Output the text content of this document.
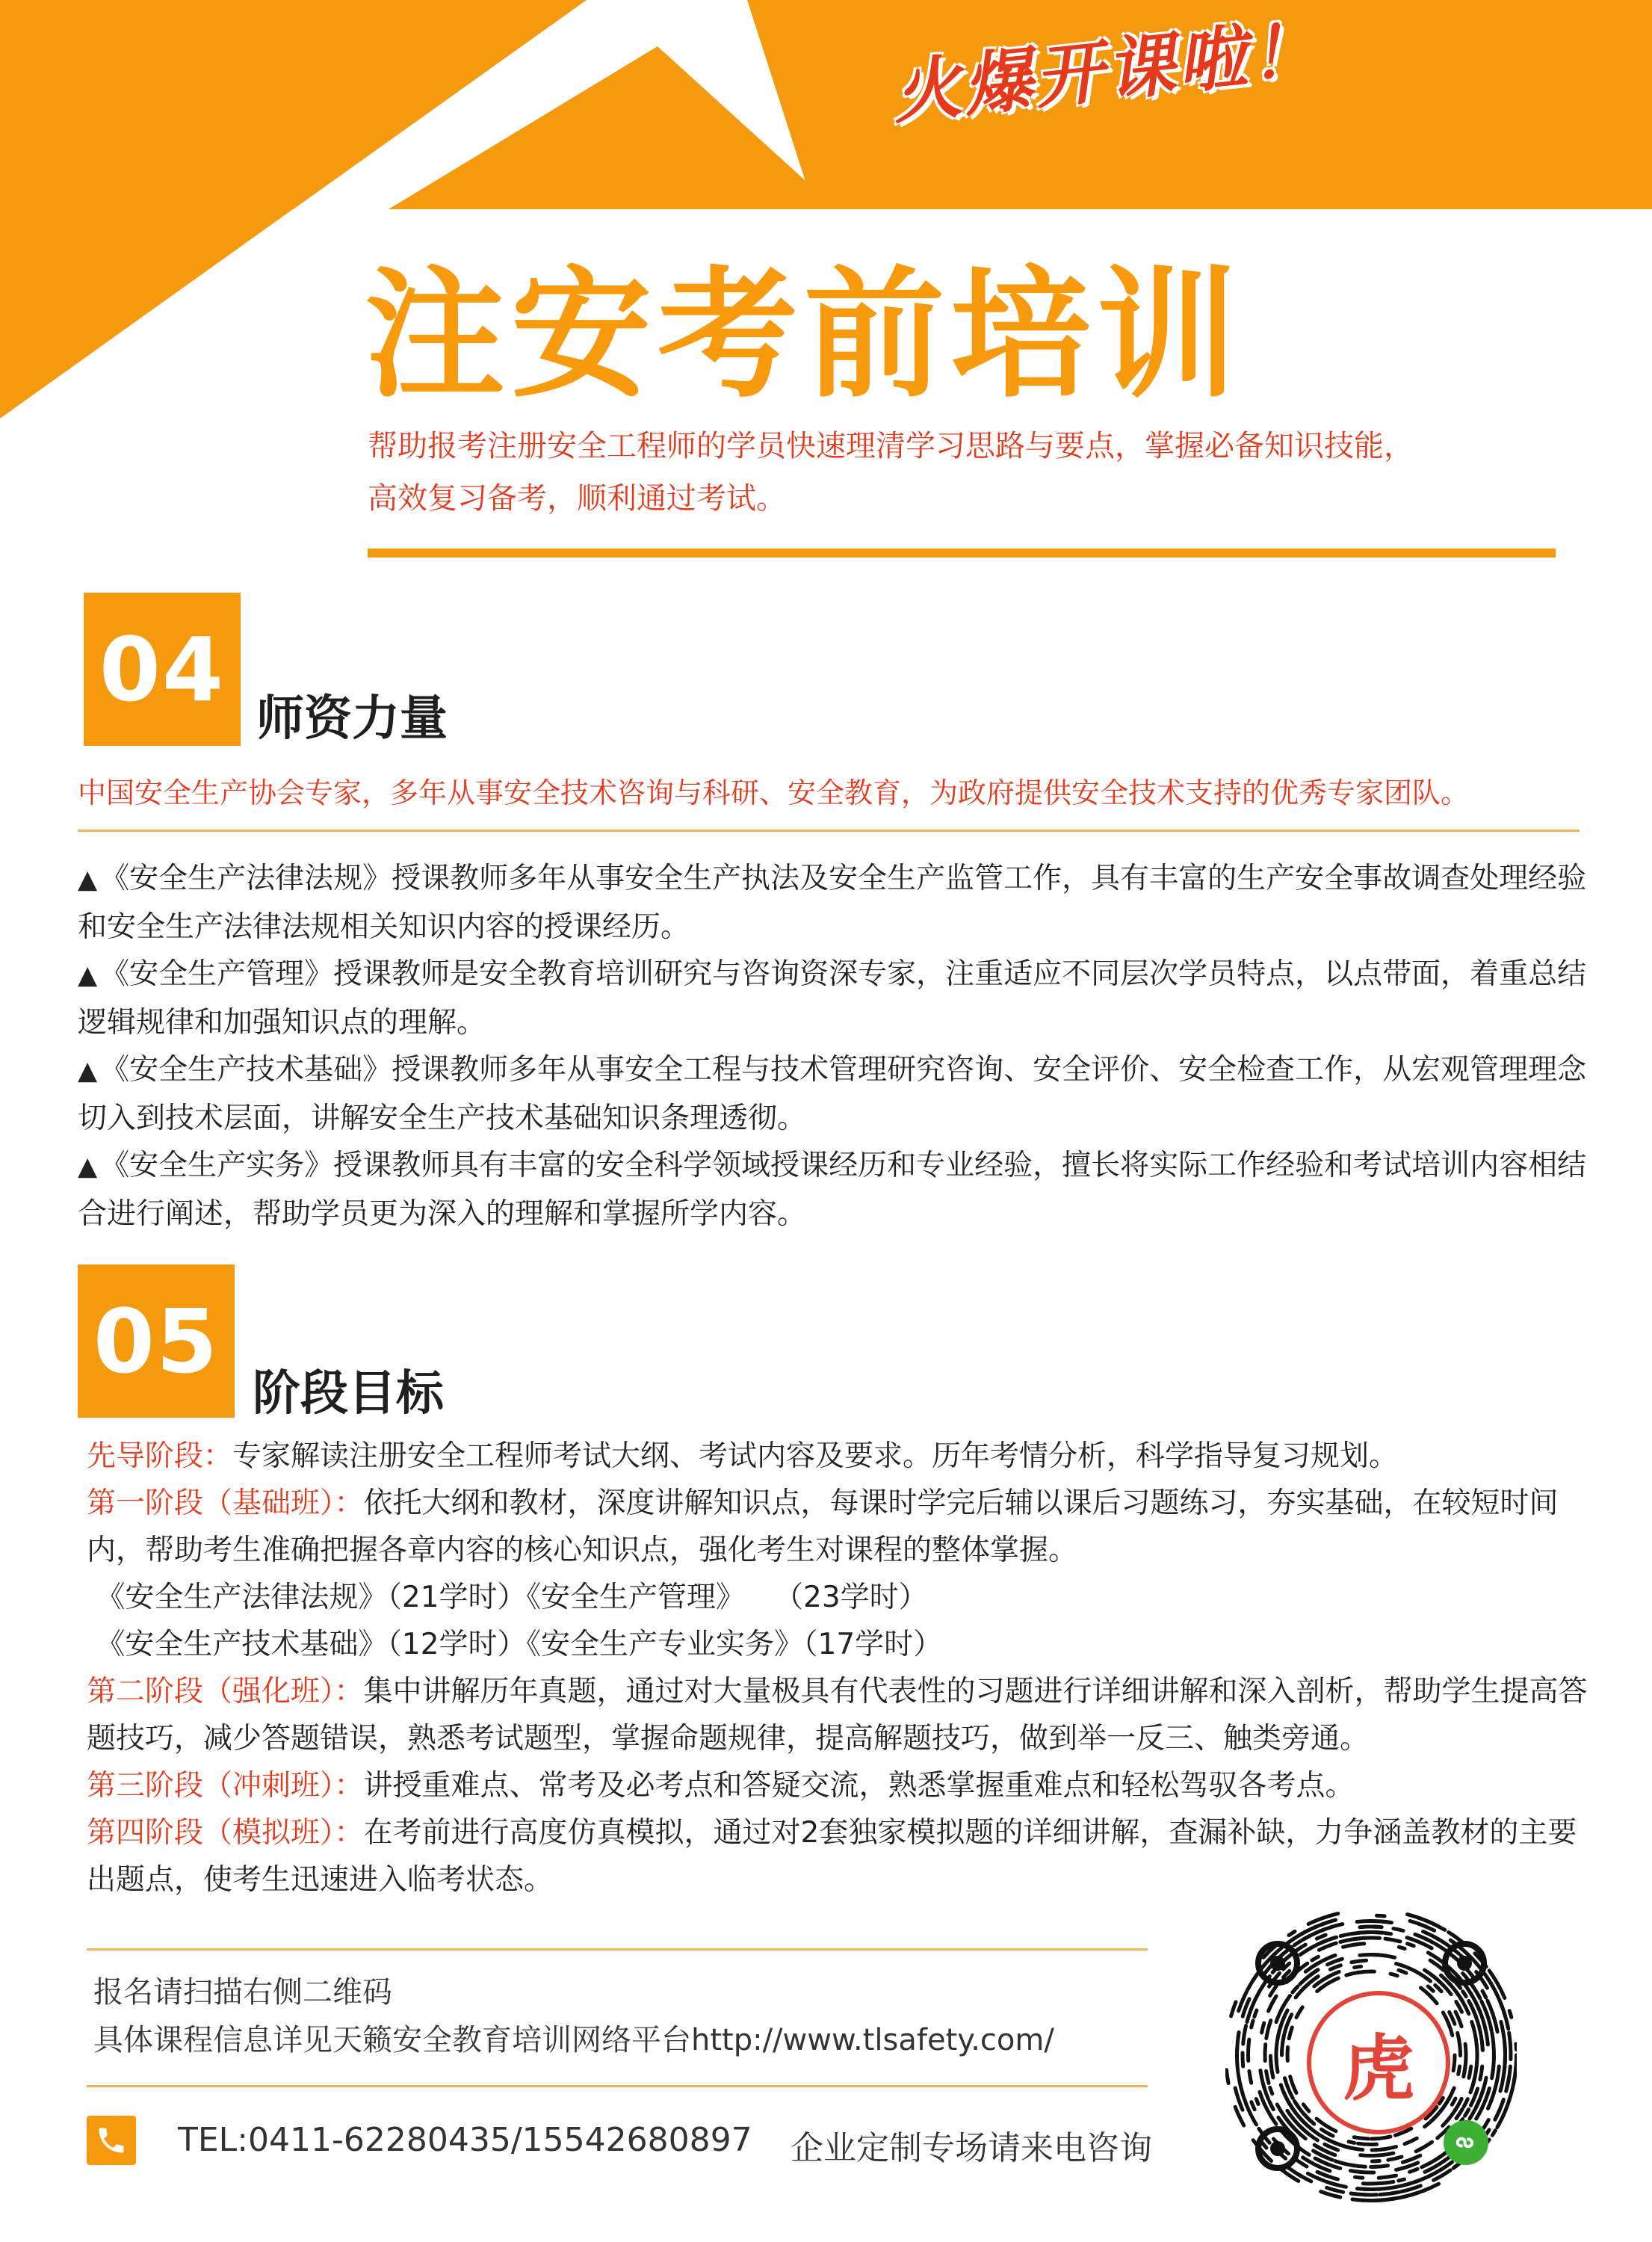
火爆开课啦！
注安考前培训
帮助报考注册安全工程师的学员快速理清学习思路与要点，掌握必备知识技能，
高效复习备考，顺利通过考试。
04 师资力量
中国安全生产协会专家，多年从事安全技术咨询与科研、安全教育，为政府提供安全技术支持的优秀专家团队。

▲ 《安全生产法律法规》授课教师多年从事安全生产执法及安全生产监管工作，具有丰富的生产安全事故调查处理经验和安全生产法律法规相关知识内容的授课经历。

▲ 《安全生产管理》授课教师是安全教育培训研究与咨询资深专家，注重适应不同层次学员特点，以点带面，着重总结逻辑规律和加强知识点的理解。

▲ 《安全生产技术基础》授课教师多年从事安全工程与技术管理研究咨询、安全评价、安全检查工作，从宏观管理理念切入到技术层面，讲解安全生产技术基础知识条理透彻。

▲ 《安全生产实务》授课教师具有丰富的安全科学领域授课经历和专业经验，擅长将实际工作经验和考试培训内容相结合进行阐述，帮助学员更为深入的理解和掌握所学内容。

05
阶段目标

先导阶段：专家解读注册安全工程师考试大纲、考试内容及要求。历年考情分析，科学指导复习规划。

第一阶段（基础班）：依托大纲和教材，深度讲解知识点，每课时学完后辅以课后习题练习，夯实基础，在较短时间内，帮助考生准确把握各章内容的核心知识点，强化考生对课程的整体掌握。

《安全生产法律法规》（21学时）《安全生产管理》　　（23学时）

《安全生产技术基础》（12学时）《安全生产专业实务》（17学时）

第二阶段（强化班）：集中讲解历年真题，通过对大量极具有代表性的习题进行详细讲解和深入剖析，帮助学生提高答题技巧，减少答题错误，熟悉考试题型，掌握命题规律，提高解题技巧，做到举一反三、触类旁通。

第三阶段（冲刺班）：讲授重难点、常考及必考点和答疑交流，熟悉掌握重难点和轻松驾驭各考点。

第四阶段（模拟班）：在考前进行高度仿真模拟，通过对2套独家模拟题的详细讲解，查漏补缺，力争涵盖教材的主要出题点，使考生迅速进入临考状态。

报名请扫描右侧二维码
具体课程信息详见天籁安全教育培训网络平台http://www.tlsafety.com/
TEL:0411-62280435/15542680897 企业定制专场请来电咨询
虎
